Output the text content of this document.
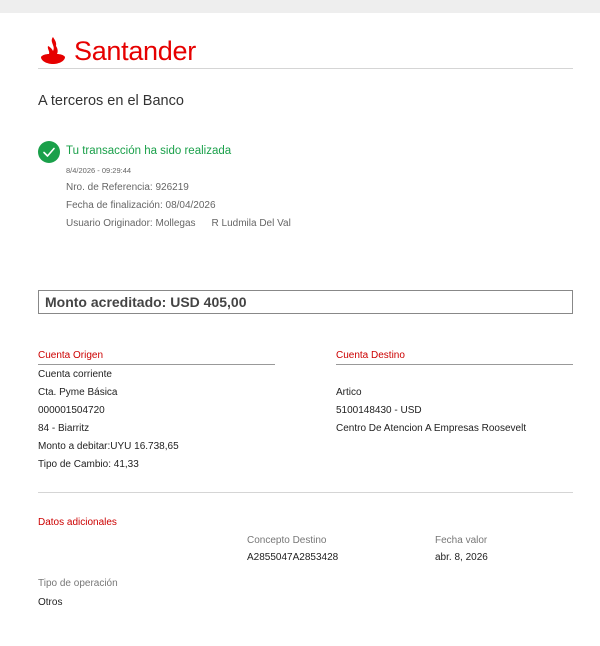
Santander
A terceros en el Banco
Tu transacción ha sido realizada
8/4/2026 - 09:29:44
Nro. de Referencia: 926219
Fecha de finalización: 08/04/2026
Usuario Originador: Mollegas R Ludmila Del Val
Monto acreditado: USD 405,00
Cuenta Origen
Cuenta corriente
Cta. Pyme Básica
000001504720
84 - Biarritz
Monto a debitar:UYU 16.738,65
Tipo de Cambio: 41,33
Cuenta Destino
Artico
5100148430 - USD
Centro De Atencion A Empresas Roosevelt
Datos adicionales
Concepto Destino
A2855047A2853428
Fecha valor
abr. 8, 2026
Tipo de operación
Otros
